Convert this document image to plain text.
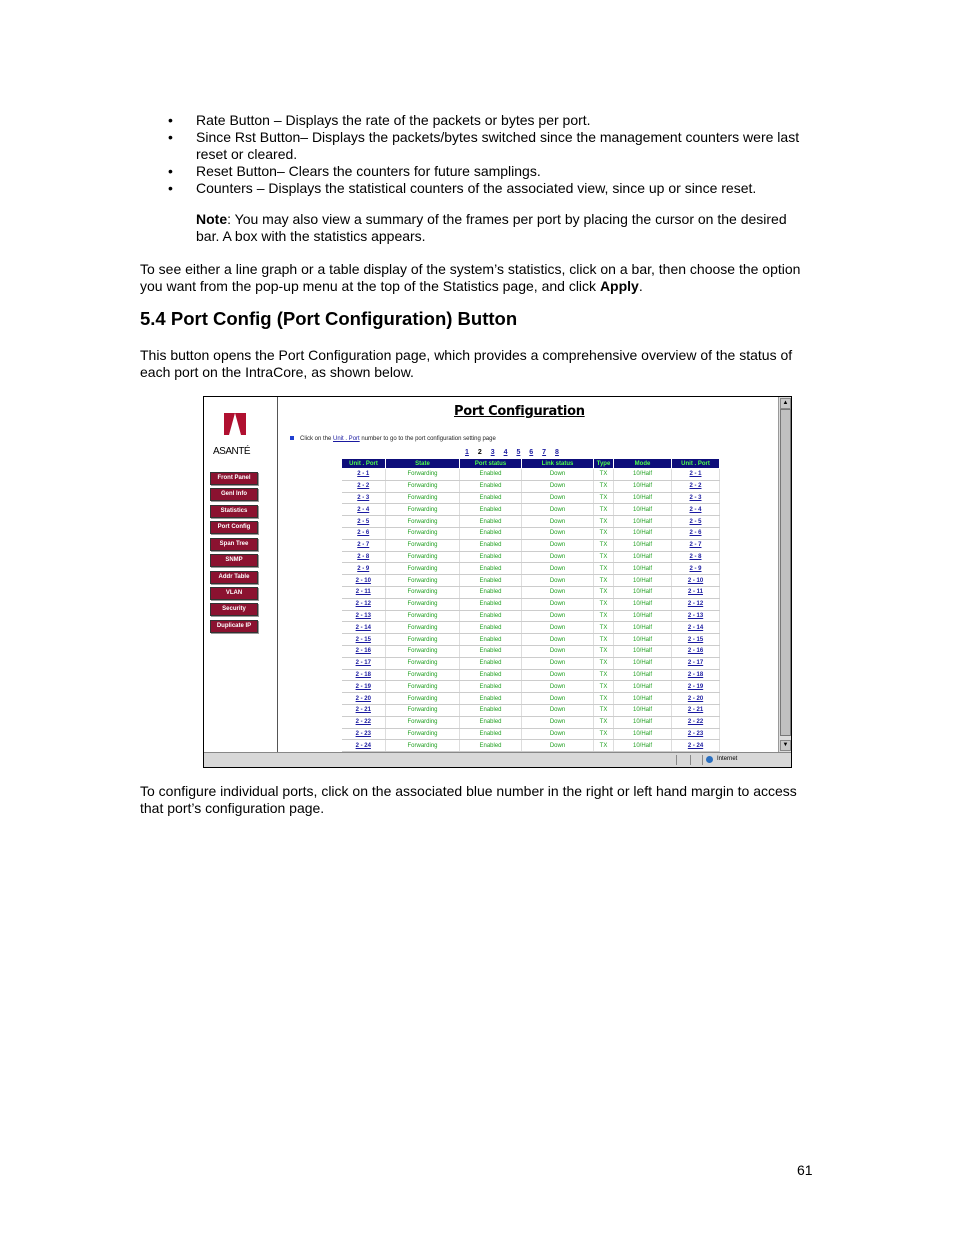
• Rate Button – Displays the rate of the packets or bytes per port.
• Since Rst Button– Displays the packets/bytes switched since the management counters were last reset or cleared.
• Reset Button– Clears the counters for future samplings.
• Counters – Displays the statistical counters of the associated view, since up or since reset.
Note: You may also view a summary of the frames per port by placing the cursor on the desired bar. A box with the statistics appears.
To see either a line graph or a table display of the system’s statistics, click on a bar, then choose the option you want from the pop-up menu at the top of the Statistics page, and click Apply.
5.4 Port Config (Port Configuration) Button
This button opens the Port Configuration page, which provides a comprehensive overview of the status of each port on the IntraCore, as shown below.
ASANTÉ
Front Panel
Genl Info
Statistics
Port Config
Span Tree
SNMP
Addr Table
VLAN
Security
Duplicate IP
Port Configuration
Click on the Unit . Port number to go to the port configuration setting page
1 2 3 4 5 6 7 8
Unit . Port	State	Port status	Link status	Type	Mode	Unit . Port
2 - 1	Forwarding	Enabled	Down	TX	10/Half	2 - 1
2 - 2	Forwarding	Enabled	Down	TX	10/Half	2 - 2
2 - 3	Forwarding	Enabled	Down	TX	10/Half	2 - 3
2 - 4	Forwarding	Enabled	Down	TX	10/Half	2 - 4
2 - 5	Forwarding	Enabled	Down	TX	10/Half	2 - 5
2 - 6	Forwarding	Enabled	Down	TX	10/Half	2 - 6
2 - 7	Forwarding	Enabled	Down	TX	10/Half	2 - 7
2 - 8	Forwarding	Enabled	Down	TX	10/Half	2 - 8
2 - 9	Forwarding	Enabled	Down	TX	10/Half	2 - 9
2 - 10	Forwarding	Enabled	Down	TX	10/Half	2 - 10
2 - 11	Forwarding	Enabled	Down	TX	10/Half	2 - 11
2 - 12	Forwarding	Enabled	Down	TX	10/Half	2 - 12
2 - 13	Forwarding	Enabled	Down	TX	10/Half	2 - 13
2 - 14	Forwarding	Enabled	Down	TX	10/Half	2 - 14
2 - 15	Forwarding	Enabled	Down	TX	10/Half	2 - 15
2 - 16	Forwarding	Enabled	Down	TX	10/Half	2 - 16
2 - 17	Forwarding	Enabled	Down	TX	10/Half	2 - 17
2 - 18	Forwarding	Enabled	Down	TX	10/Half	2 - 18
2 - 19	Forwarding	Enabled	Down	TX	10/Half	2 - 19
2 - 20	Forwarding	Enabled	Down	TX	10/Half	2 - 20
2 - 21	Forwarding	Enabled	Down	TX	10/Half	2 - 21
2 - 22	Forwarding	Enabled	Down	TX	10/Half	2 - 22
2 - 23	Forwarding	Enabled	Down	TX	10/Half	2 - 23
2 - 24	Forwarding	Enabled	Down	TX	10/Half	2 - 24
▲
▼
Internet
To configure individual ports, click on the associated blue number in the right or left hand margin to access that port’s configuration page.
61
